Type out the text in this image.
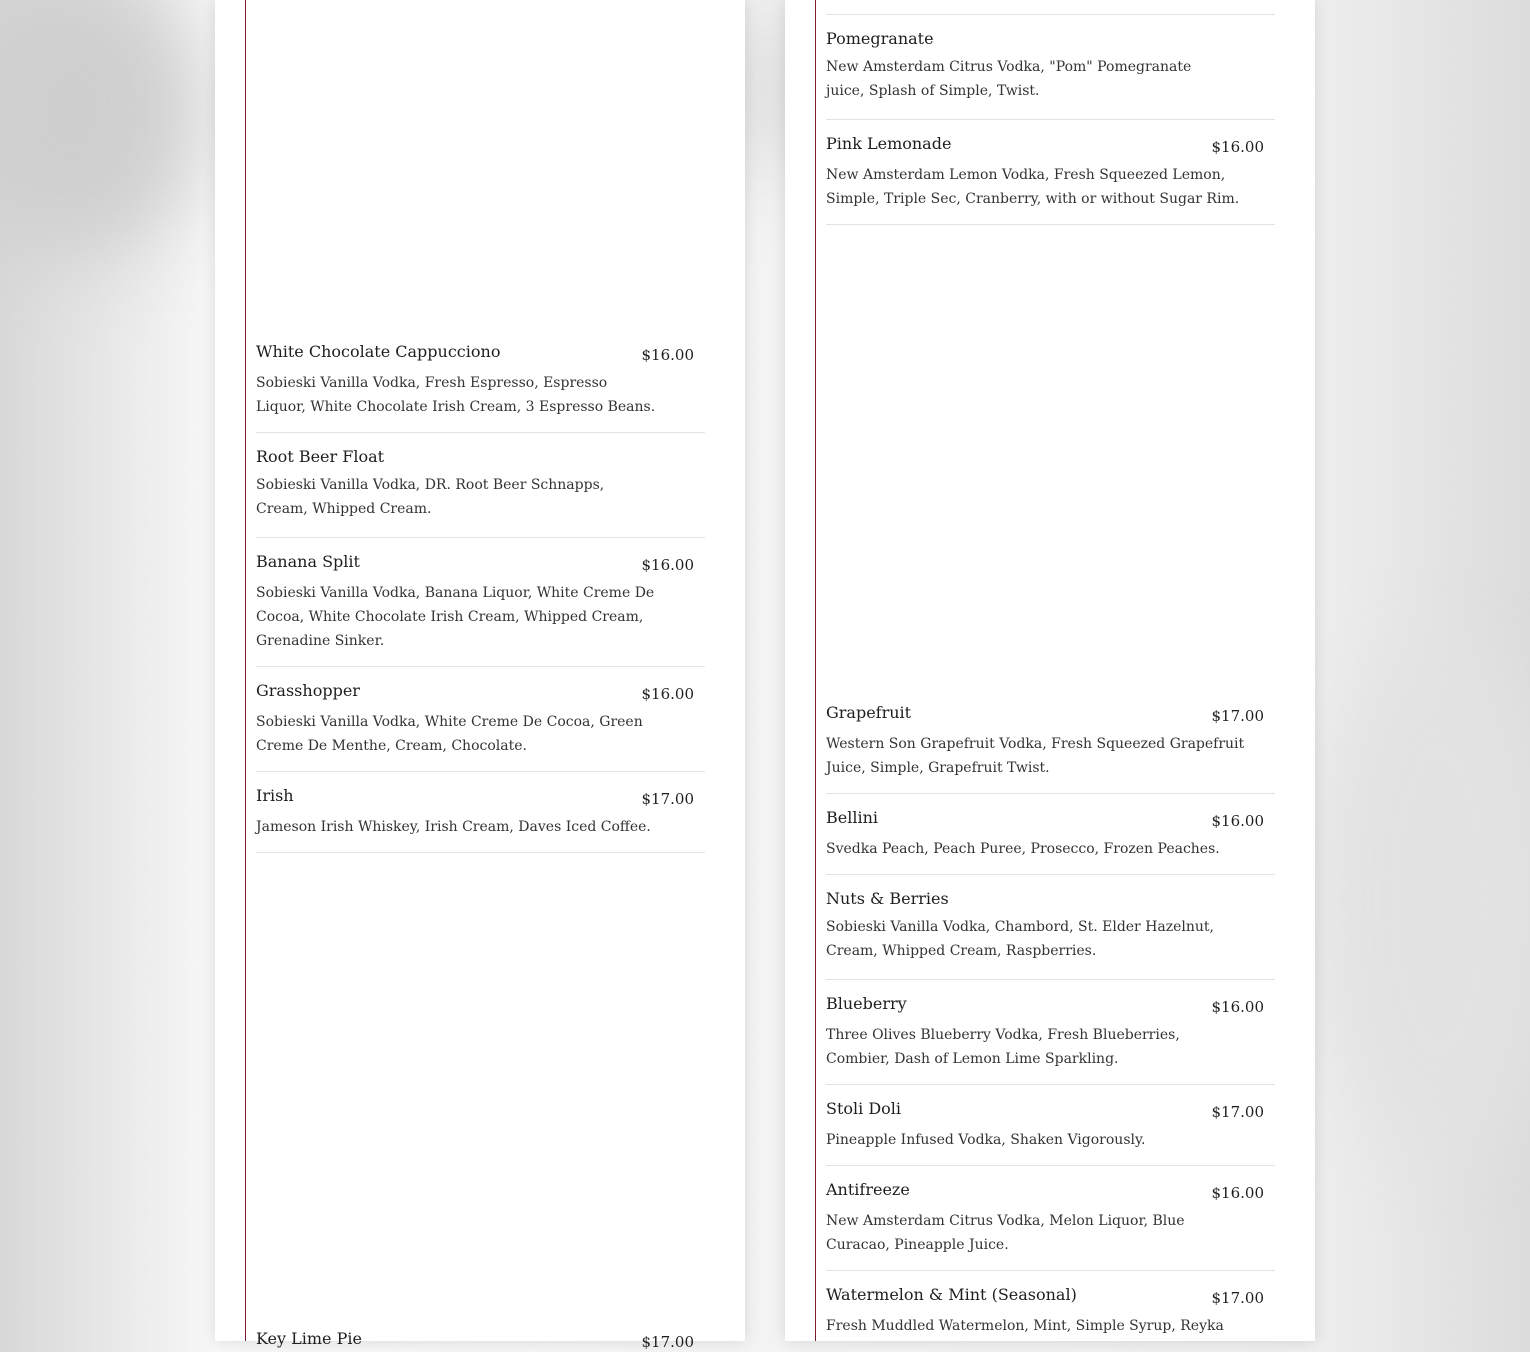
White Chocolate Cappucciono	$16.00
Sobieski Vanilla Vodka, Fresh Espresso, Espresso Liquor, White Chocolate Irish Cream, 3 Espresso Beans.
Root Beer Float
Sobieski Vanilla Vodka, DR. Root Beer Schnapps, Cream, Whipped Cream.
Banana Split	$16.00
Sobieski Vanilla Vodka, Banana Liquor, White Creme De Cocoa, White Chocolate Irish Cream, Whipped Cream, Grenadine Sinker.
Grasshopper	$16.00
Sobieski Vanilla Vodka, White Creme De Cocoa, Green Creme De Menthe, Cream, Chocolate.
Irish	$17.00
Jameson Irish Whiskey, Irish Cream, Daves Iced Coffee.
Key Lime Pie	$17.00
Pomegranate
New Amsterdam Citrus Vodka, "Pom" Pomegranate juice, Splash of Simple, Twist.
Pink Lemonade	$16.00
New Amsterdam Lemon Vodka, Fresh Squeezed Lemon, Simple, Triple Sec, Cranberry, with or without Sugar Rim.
Grapefruit	$17.00
Western Son Grapefruit Vodka, Fresh Squeezed Grapefruit Juice, Simple, Grapefruit Twist.
Bellini	$16.00
Svedka Peach, Peach Puree, Prosecco, Frozen Peaches.
Nuts & Berries
Sobieski Vanilla Vodka, Chambord, St. Elder Hazelnut, Cream, Whipped Cream, Raspberries.
Blueberry	$16.00
Three Olives Blueberry Vodka, Fresh Blueberries, Combier, Dash of Lemon Lime Sparkling.
Stoli Doli	$17.00
Pineapple Infused Vodka, Shaken Vigorously.
Antifreeze	$16.00
New Amsterdam Citrus Vodka, Melon Liquor, Blue Curacao, Pineapple Juice.
Watermelon & Mint (Seasonal)	$17.00
Fresh Muddled Watermelon, Mint, Simple Syrup, Reyka
